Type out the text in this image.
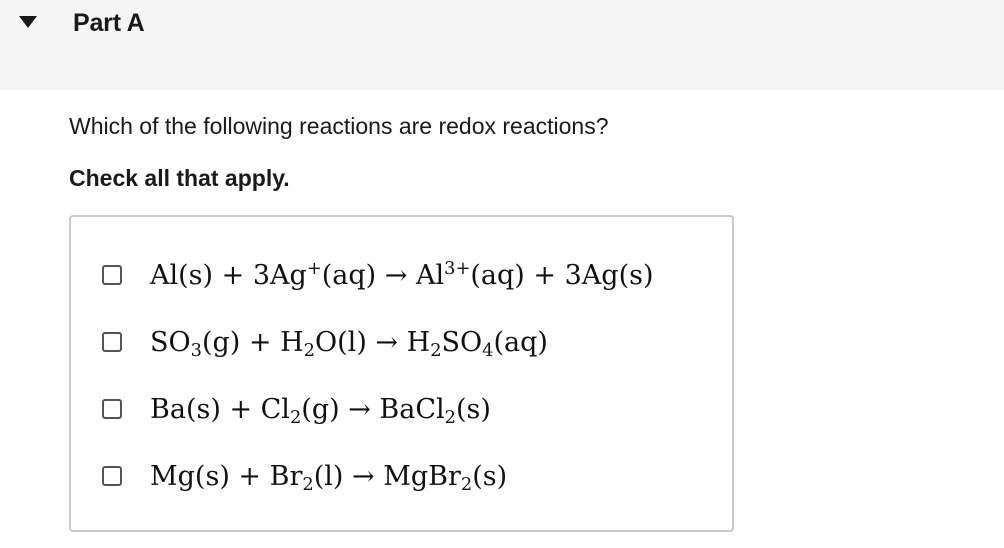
Part A
Which of the following reactions are redox reactions?
Check all that apply.
$Al(s) + 3Ag^+(aq) \to Al^{3+}(aq) + 3Ag(s)$
$SO_3(g) + H_2O(l) \to H_2SO_4(aq)$
$Ba(s) + Cl_2(g)$ → BaCl$_2$(s)
$Mg(s) + Br_2(l)$ → MgBr$_2$(s)
